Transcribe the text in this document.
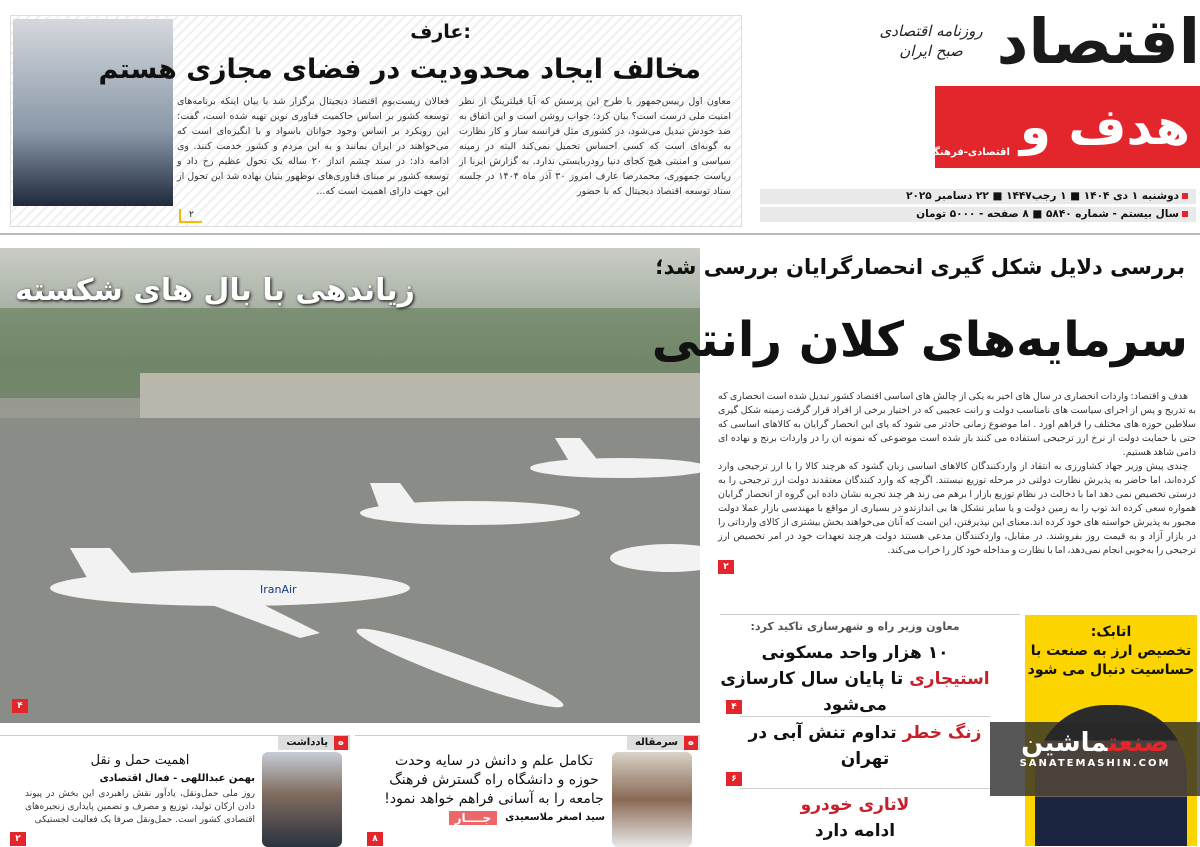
اقتصاد
روزنامه اقتصادی
صبح ایران
هدف و
اقتصادی-فرهنگی-اجتماعی
دوشنبه ۱ دی ۱۴۰۴ ■ ۱ رجب۱۴۴۷ ■ ۲۲ دسامبر ۲۰۲۵
سال بیستم - شماره ۵۸۴۰ ■ ۸ صفحه - ۵۰۰۰ تومان
عارف:
مخالف ایجاد محدودیت در فضای مجازی هستم
معاون اول رییس‌جمهور با طرح این پرسش که آیا فیلترینگ از نظر امنیت ملی درست است؟ بیان کرد: جواب روشن است و این اتفاق به ضد خودش تبدیل می‌شود، در کشوری مثل فرانسه ساز و کار نظارت به گونه‌ای است که کسی احساس تحمیل نمی‌کند البته در زمینه سیاسی و امنیتی هیچ کجای دنیا رودربایستی ندارد. به گزارش ایرنا از ریاست جمهوری، محمدرضا عارف امروز ۳۰ آذر ماه ۱۴۰۴ در جلسه ستاد توسعه اقتصاد دیجیتال که با حضور
فعالان زیست‌بوم اقتصاد دیجیتال برگزار شد با بیان اینکه برنامه‌های توسعه کشور بر اساس حاکمیت فناوری نوین تهیه شده است، گفت: این رویکرد بر اساس وجود جوانان باسواد و با انگیزه‌ای است که می‌خواهند در ایران بمانند و به این مردم و کشور خدمت کنند. وی ادامه داد: در سند چشم انداز ۲۰ ساله یک تحول عظیم رخ داد و توسعه کشور بر مبنای فناوری‌های نوظهور بنیان نهاده شد این تحول از این جهت دارای اهمیت است که...
۲
IranAir
زیاندهی با بال های شکسته
۴
بررسی دلایل شکل گیری انحصارگرایان بررسی شد؛
سرمایه‌های کلان رانتی

هدف و اقتصاد: واردات انحصاری در سال های اخیر به یکی از چالش های اساسی اقتصاد کشور تبدیل شده است انحصاری که به تدریج و پس از اجرای سیاست های نامناسب دولت و رانت عجیبی که در اختیار برخی از افراد قرار گرفت زمینه شکل گیری سلاطین حوزه های مختلف را فراهم اورد . اما موضوع زمانی حادتر می شود که پای این انحصار گرایان به کالاهای اساسی که حتی با حمایت دولت از نرخ ارز ترجیحی استفاده می کنند باز شده است موضوعی که نمونه ان را در واردات برنج و نهاده ای دامی شاهد هستیم.

چندی پیش وزیر جهاد کشاورزی به انتقاد از واردکنندگان کالاهای اساسی زبان گشود که هرچند کالا را با ارز ترجیحی وارد کرده‌اند، اما حاضر به پذیرش نظارت دولتی در مرحله توزیع نیستند. اگرچه که وارد کنندگان معتقدند دولت ارز ترجیحی را به درستی تخصیص نمی دهد اما با دخالت در نظام توزیع بازار ا برهم می زند هر چند تجربه نشان داده این گروه از انحصار گرایان همواره سعی کرده اند توپ را به زمین دولت و یا سایر تشکل ها بی اندازتدو در بسیاری از مواقع با مهندسی بازار عملا دولت مجبور به پذیرش خواسته های خود کرده اند.معنای این نپذیرفتن، این است که آنان می‌خواهند بخش بیشتری از کالای وارداتی را در بازار آزاد و به قیمت روز بفروشند. در مقابل، واردکنندگان مدعی هستند دولت هرچند تعهدات خود در امر تخصیص ارز ترجیحی را به‌خوبی انجام نمی‌دهد، اما با نظارت و مداخله خود کار را خراب می‌کند.

۲
معاون وزیر راه و شهرسازی تاکید کرد:
۱۰ هزار واحد مسکونی استیجاری تا پایان سال کارسازی می‌شود
۴
زنگ خطر تداوم تنش آبی در تهران
۶
لاتاری خودرو
ادامه دارد
اتابک:
تخصیص ارز به صنعت با حساسیت دنبال می شود
صنعتماشین
SANATEMASHIN.COM
سرمقاله	ه
تکامل علم و دانش در سایه وحدت حوزه و دانشگاه راه گسترش فرهنگ جامعه را به آسانی فراهم خواهد نمود!
سید اصغر ملاسعیدی
جــــار
۸
یادداشت	ه
اهمیت حمل و نقل
بهمن عبداللهی - فعال اقتصادی
روز ملی حمل‌ونقل، یادآور نقش راهبردی این بخش در پیوند دادن ارکان تولید، توزیع و مصرف و تضمین پایداری زنجیره‌های اقتصادی کشور است. حمل‌ونقل صرفا یک فعالیت لجستیکی
۲
